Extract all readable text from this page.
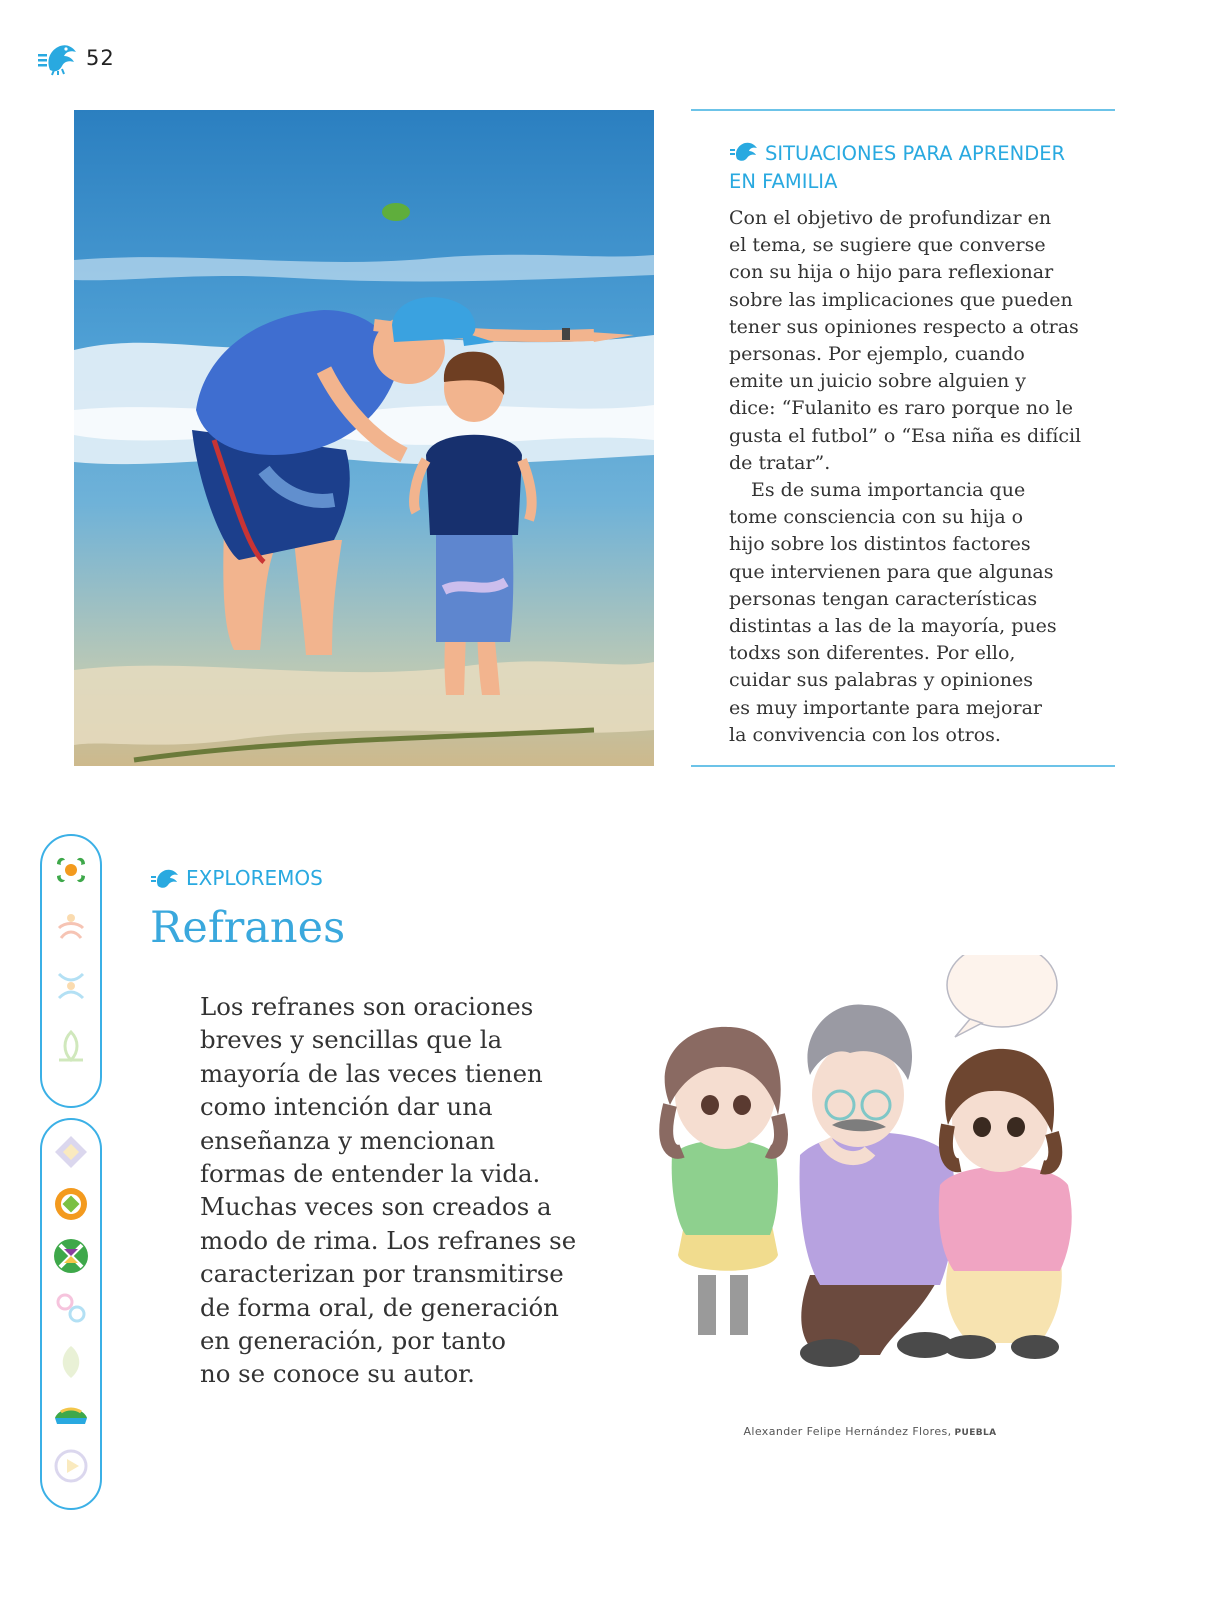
52
SITUACIONES PARA APRENDER
EN FAMILIA

Con el objetivo de profundizar en
el tema, se sugiere que converse
con su hija o hijo para reflexionar
sobre las implicaciones que pueden
tener sus opiniones respecto a otras
personas. Por ejemplo, cuando
emite un juicio sobre alguien y
dice: “Fulanito es raro porque no le
gusta el futbol” o “Esa niña es difícil
de tratar”.

Es de suma importancia que
tome consciencia con su hija o
hijo sobre los distintos factores
que intervienen para que algunas
personas tengan características
distintas a las de la mayoría, pues
todxs son diferentes. Por ello,
cuidar sus palabras y opiniones
es muy importante para mejorar
la convivencia con los otros.

EXPLOREMOS
Refranes

Los refranes son oraciones
breves y sencillas que la
mayoría de las veces tienen
como intención dar una
enseñanza y mencionan
formas de entender la vida.
Muchas veces son creados a
modo de rima. Los refranes se
caracterizan por transmitirse
de forma oral, de generación
en generación, por tanto
no se conoce su autor.

Alexander Felipe Hernández Flores, PUEBLA
